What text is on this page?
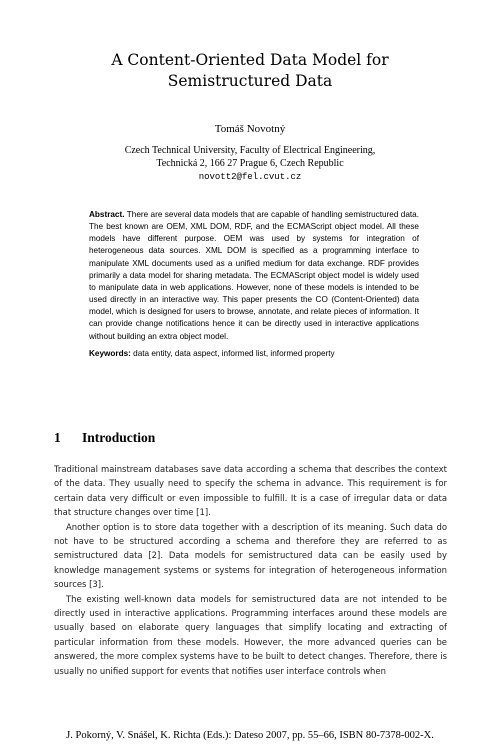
A Content-Oriented Data Model for
Semistructured Data
Tomáš Novotný
Czech Technical University, Faculty of Electrical Engineering,
Technická 2, 166 27 Prague 6, Czech Republic
novott2@fel.cvut.cz

Abstract. There are several data models that are capable of handling semistructured data. The best known are OEM, XML DOM, RDF, and the ECMAScript object model. All these models have different purpose. OEM was used by systems for integration of heterogeneous data sources. XML DOM is specified as a programming interface to manipulate XML documents used as a unified medium for data exchange. RDF provides primarily a data model for sharing metadata. The ECMAScript object model is widely used to manipulate data in web applications. However, none of these models is intended to be used directly in an interactive way. This paper presents the CO (Content-Oriented) data model, which is designed for users to browse, annotate, and relate pieces of information. It can provide change notifications hence it can be directly used in interactive applications without building an extra object model.

Keywords: data entity, data aspect, informed list, informed property

1 Introduction

Traditional mainstream databases save data according a schema that describes the context of the data. They usually need to specify the schema in advance. This requirement is for certain data very difficult or even impossible to fulfill. It is a case of irregular data or data that structure changes over time [1].

Another option is to store data together with a description of its meaning. Such data do not have to be structured according a schema and therefore they are referred to as semistructured data [2]. Data models for semistructured data can be easily used by knowledge management systems or systems for integration of heterogeneous information sources [3].

The existing well-known data models for semistructured data are not intended to be directly used in interactive applications. Programming interfaces around these models are usually based on elaborate query languages that simplify locating and extracting of particular information from these models. However, the more advanced queries can be answered, the more complex systems have to be built to detect changes. Therefore, there is usually no unified support for events that notifies user interface controls when

J. Pokorný, V. Snášel, K. Richta (Eds.): Dateso 2007, pp. 55–66, ISBN 80-7378-002-X.
